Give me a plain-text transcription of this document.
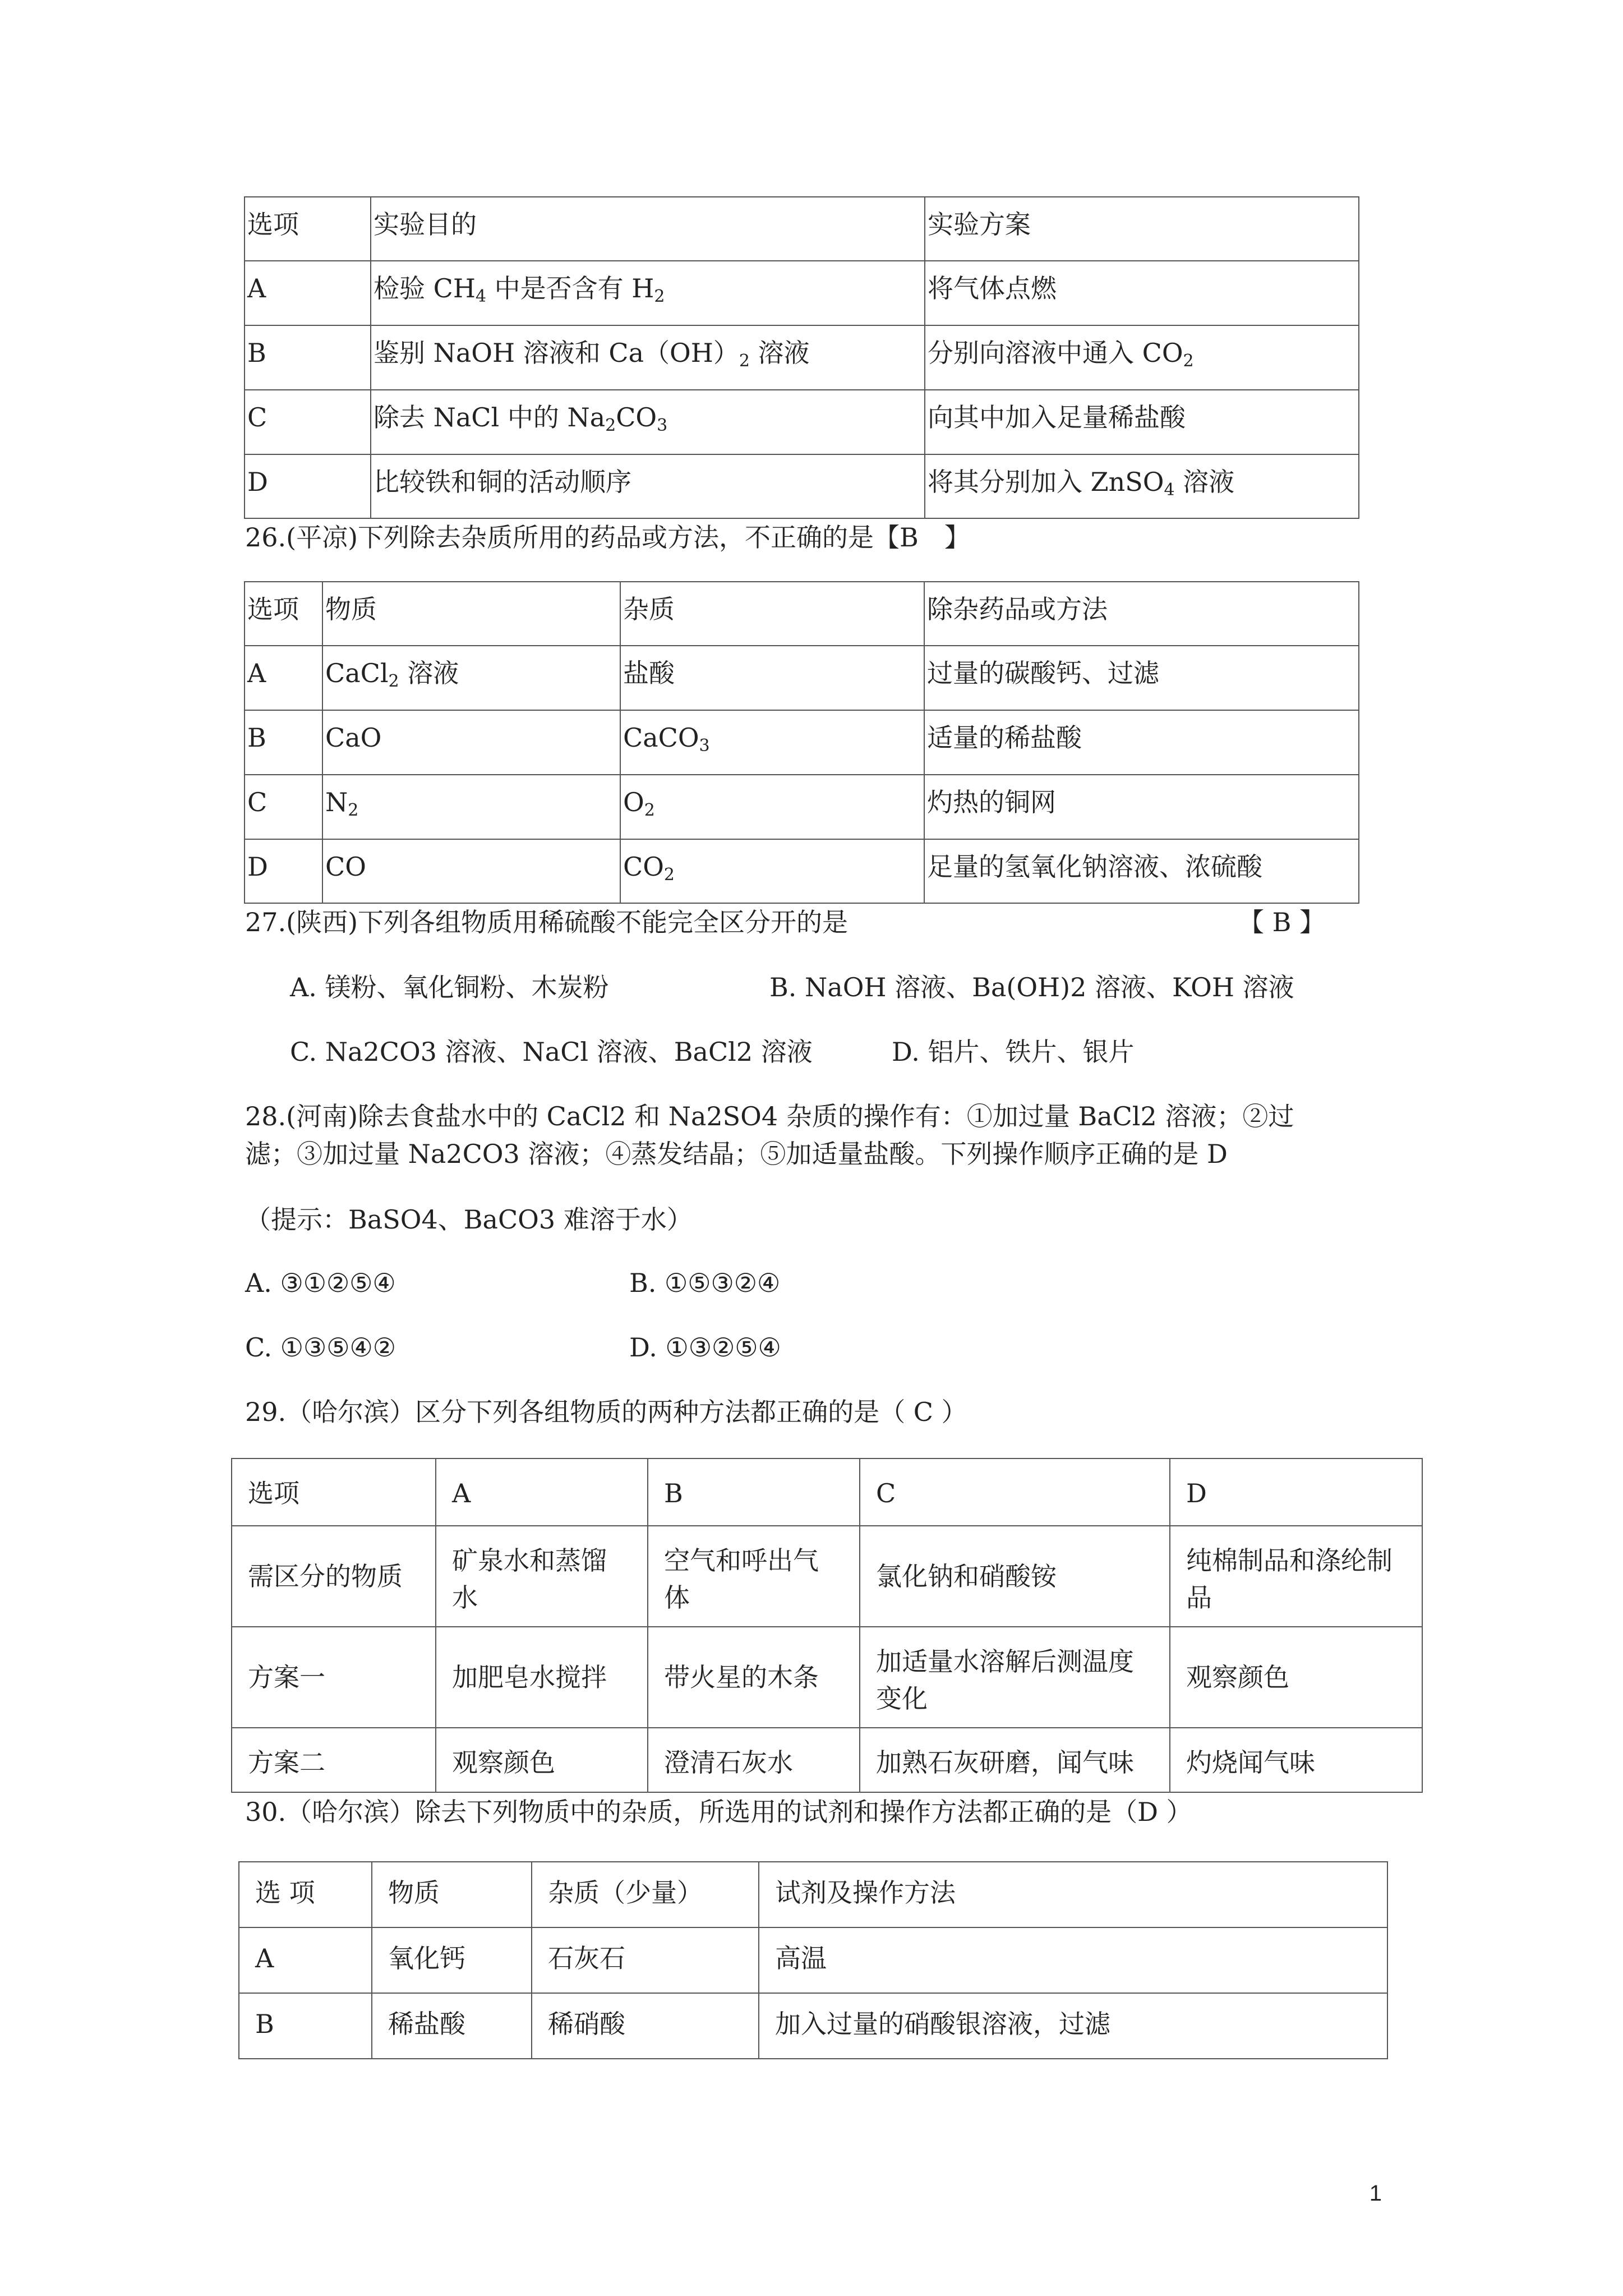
选项	实验目的	实验方案
A	检验 $CH_4$ 中是否含有 $H_2$	将气体点燃
B	鉴别 NaOH 溶液和 $Ca(OH)_2$ 溶液	分别向溶液中通入 $CO_2$
C	除去 NaCl 中的 $Na_2CO_3$	向其中加入足量稀盐酸
D	比较铁和铜的活动顺序	将其分别加入 ZnSO$_4$ 溶液
26.(平凉)下列除去杂质所用的药品或方法，不正确的是【B　】
选项	物质	杂质	除杂药品或方法
A	CaCl$_2$ 溶液	盐酸	过量的碳酸钙、过滤
B	CaO	CaCO$_3$	适量的稀盐酸
C	$N_2$	$O_2$	灼热的铜网
D	CO	$CO_2$	足量的氢氧化钠溶液、浓硫酸
27.(陕西)下列各组物质用稀硫酸不能完全区分开的是	【 B 】
A. 镁粉、氧化铜粉、木炭粉	B. NaOH 溶液、Ba(OH)2 溶液、KOH 溶液
C. Na2CO3 溶液、NaCl 溶液、BaCl2 溶液	D. 铝片、铁片、银片
28.(河南)除去食盐水中的 CaCl2 和 Na2SO4 杂质的操作有：①加过量 BaCl2 溶液；②过
滤；③加过量 Na2CO3 溶液；④蒸发结晶；⑤加适量盐酸。下列操作顺序正确的是 D
（提示：BaSO4、BaCO3 难溶于水）
A. ③①②⑤④	B. ①⑤③②④
C. ①③⑤④②	D. ①③②⑤④
29.（哈尔滨）区分下列各组物质的两种方法都正确的是（ C ）
选项	A	B	C	D
需区分的物质	矿泉水和蒸馏水	空气和呼出气体	氯化钠和硝酸铵	纯棉制品和涤纶制品
方案一	加肥皂水搅拌	带火星的木条	加适量水溶解后测温度变化	观察颜色
方案二	观察颜色	澄清石灰水	加熟石灰研磨，闻气味	灼烧闻气味
30.（哈尔滨）除去下列物质中的杂质，所选用的试剂和操作方法都正确的是（D ）
选 项	物质	杂质（少量）	试剂及操作方法
A	氧化钙	石灰石	高温
B	稀盐酸	稀硝酸	加入过量的硝酸银溶液，过滤
1
